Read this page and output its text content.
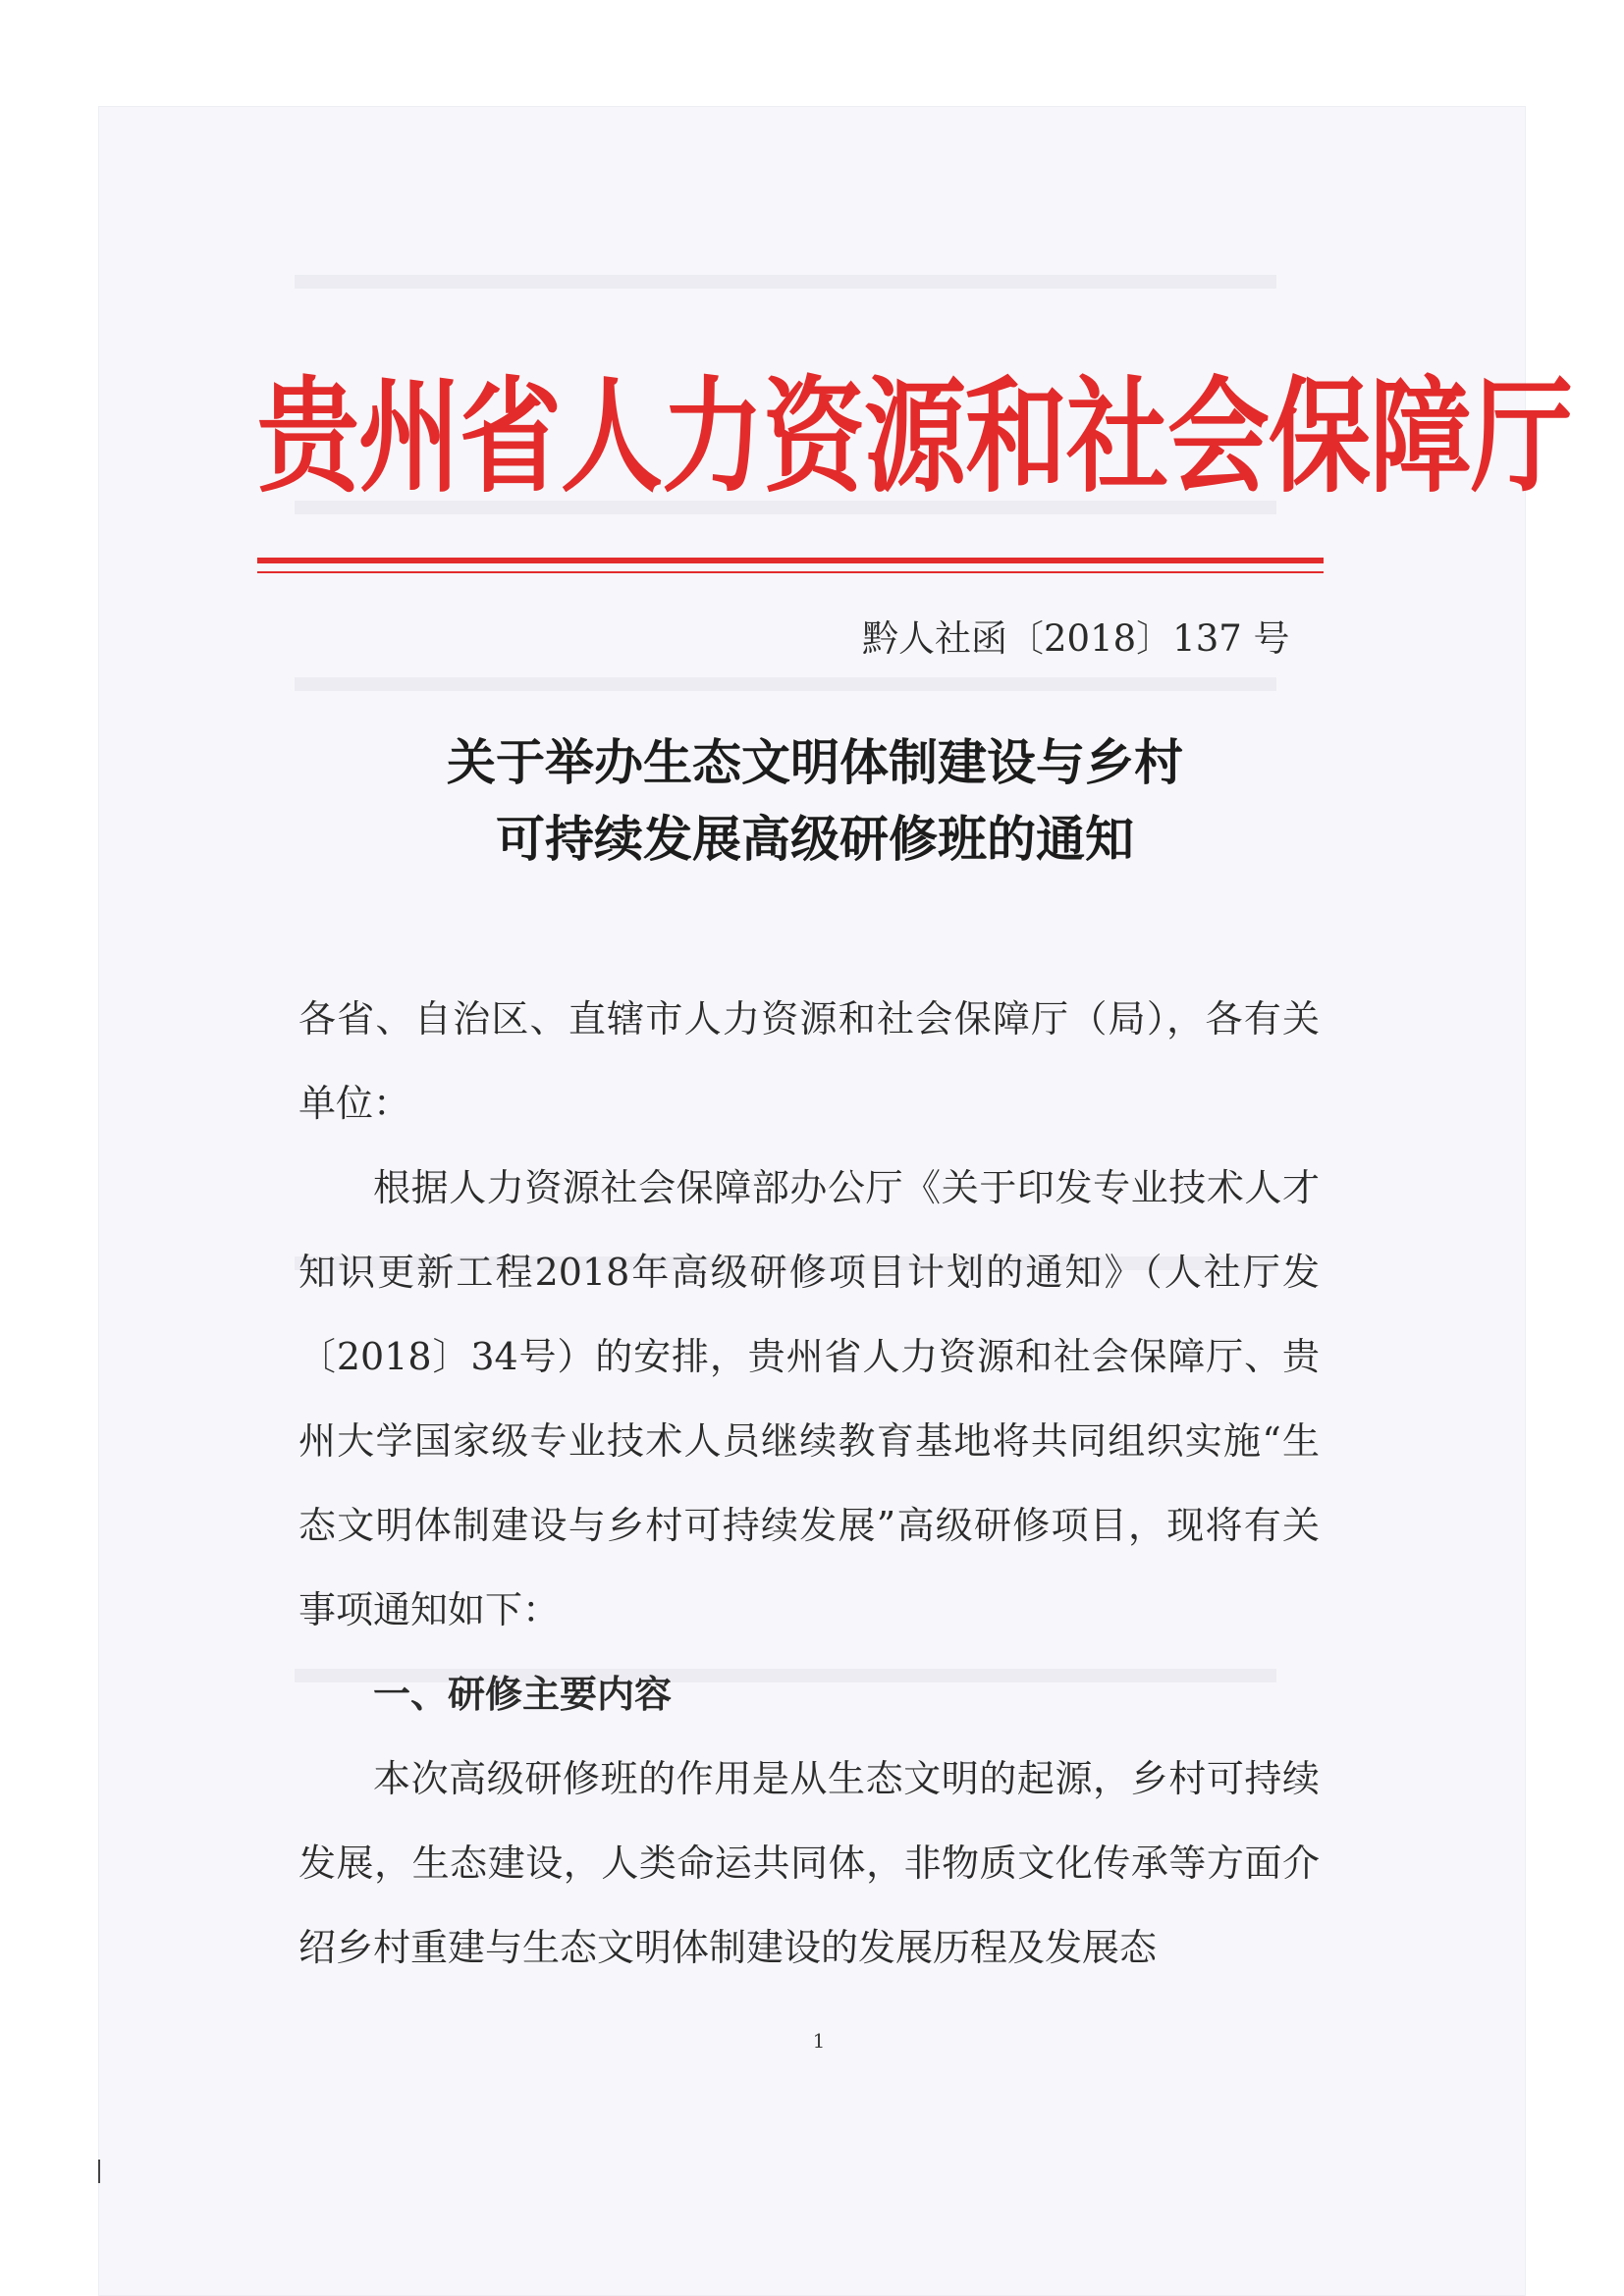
贵州省人力资源和社会保障厅
黔人社函〔2018〕137 号
关于举办生态文明体制建设与乡村
可持续发展高级研修班的通知

各省、自治区、直辖市人力资源和社会保障厅（局），各有关单位：

根据人力资源社会保障部办公厅《关于印发专业技术人才知识更新工程2018年高级研修项目计划的通知》（人社厅发〔2018〕34号）的安排，贵州省人力资源和社会保障厅、贵州大学国家级专业技术人员继续教育基地将共同组织实施“生态文明体制建设与乡村可持续发展”高级研修项目，现将有关事项通知如下：

一、研修主要内容

本次高级研修班的作用是从生态文明的起源，乡村可持续发展，生态建设，人类命运共同体，非物质文化传承等方面介绍乡村重建与生态文明体制建设的发展历程及发展态

1
